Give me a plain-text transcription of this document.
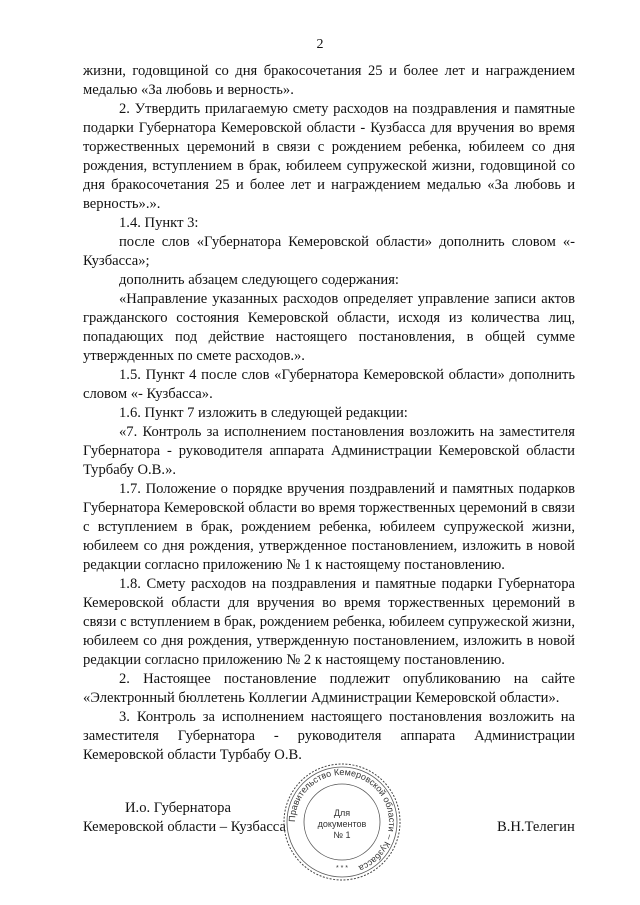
2

жизни, годовщиной со дня бракосочетания 25 и более лет и награждением медалью «За любовь и верность».

2. Утвердить прилагаемую смету расходов на поздравления и памятные подарки Губернатора Кемеровской области - Кузбасса для вручения во время торжественных церемоний в связи с рождением ребенка, юбилеем со дня рождения, вступлением в брак, юбилеем супружеской жизни, годовщиной со дня бракосочетания 25 и более лет и награждением медалью «За любовь и верность».».

1.4. Пункт 3:

после слов «Губернатора Кемеровской области» дополнить словом «- Кузбасса»;

дополнить абзацем следующего содержания:

«Направление указанных расходов определяет управление записи актов гражданского состояния Кемеровской области, исходя из количества лиц, попадающих под действие настоящего постановления, в общей сумме утвержденных по смете расходов.».

1.5. Пункт 4 после слов «Губернатора Кемеровской области» дополнить словом «- Кузбасса».

1.6. Пункт 7 изложить в следующей редакции:

«7. Контроль за исполнением постановления возложить на заместителя Губернатора - руководителя аппарата Администрации Кемеровской области Турбабу О.В.».

1.7. Положение о порядке вручения поздравлений и памятных подарков Губернатора Кемеровской области во время торжественных церемоний в связи с вступлением в брак, рождением ребенка, юбилеем супружеской жизни, юбилеем со дня рождения, утвержденное постановлением, изложить в новой редакции согласно приложению № 1 к настоящему постановлению.

1.8. Смету расходов на поздравления и памятные подарки Губернатора Кемеровской области для вручения во время торжественных церемоний в связи с вступлением в брак, рождением ребенка, юбилеем супружеской жизни, юбилеем со дня рождения, утвержденную постановлением, изложить в новой редакции согласно приложению № 2 к настоящему постановлению.

2. Настоящее постановление подлежит опубликованию на сайте «Электронный бюллетень Коллегии Администрации Кемеровской области».

3. Контроль за исполнением настоящего постановления возложить на заместителя Губернатора - руководителя аппарата Администрации Кемеровской области Турбабу О.В.

И.о. Губернатора
Кемеровской области – Кузбасса	В.Н.Телегин
Правительство Кемеровской области – Кузбасса
Для
документов
№ 1
* * *
